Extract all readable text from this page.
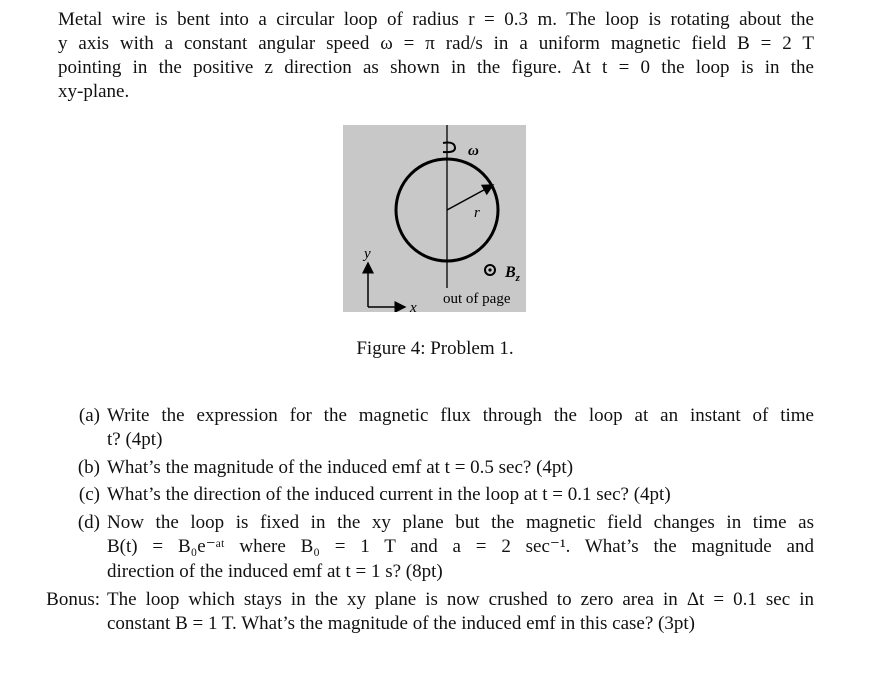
Metal wire is bent into a circular loop of radius r = 0.3 m. The loop is rotating about the
y axis with a constant angular speed ω = π rad/s in a uniform magnetic field B = 2 T
pointing in the positive z direction as shown in the figure. At t = 0 the loop is in the
xy-plane.
ω
r
y
x
$B_z$
out of page
Figure 4: Problem 1.
(a) Write the expression for the magnetic flux through the loop at an instant of time
t? (4pt)
(b) What’s the magnitude of the induced emf at t = 0.5 sec? (4pt)
(c) What’s the direction of the induced current in the loop at t = 0.1 sec? (4pt)
(d) Now the loop is fixed in the xy plane but the magnetic field changes in time as
B(t) = B₀e⁻ᵃᵗ where B₀ = 1 T and a = 2 sec⁻¹. What’s the magnitude and
direction of the induced emf at t = 1 s? (8pt)
Bonus: The loop which stays in the xy plane is now crushed to zero area in Δt = 0.1 sec in
constant B = 1 T. What’s the magnitude of the induced emf in this case? (3pt)
